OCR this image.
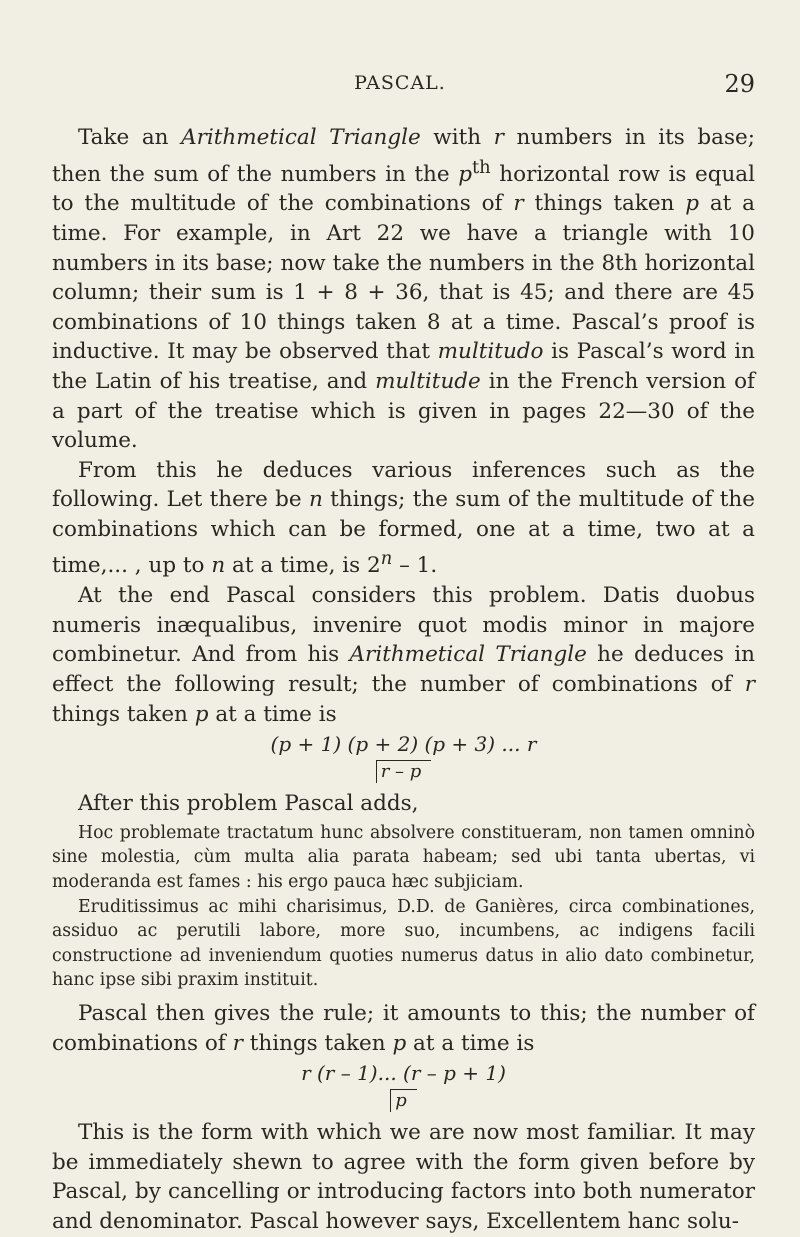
PASCAL.	29

Take an Arithmetical Triangle with r numbers in its base; then the sum of the numbers in the $p^{th}$ horizontal row is equal to the multitude of the combinations of r things taken p at a time. For example, in Art 22 we have a triangle with 10 numbers in its base; now take the numbers in the 8th horizontal column; their sum is 1 + 8 + 36, that is 45; and there are 45 combinations of 10 things taken 8 at a time. Pascal’s proof is inductive. It may be observed that multitudo is Pascal’s word in the Latin of his treatise, and multitude in the French version of a part of the treatise which is given in pages 22—30 of the volume.

From this he deduces various inferences such as the following. Let there be n things; the sum of the multitude of the combinations which can be formed, one at a time, two at a time,... , up to n at a time, is 2$^n$ – 1.

At the end Pascal considers this problem. Datis duobus numeris inæqualibus, invenire quot modis minor in majore combinetur. And from his Arithmetical Triangle he deduces in effect the following result; the number of combinations of r things taken p at a time is

(p + 1) (p + 2) (p + 3) ... r
r – p

After this problem Pascal adds,

Hoc problemate tractatum hunc absolvere constitueram, non tamen omninò sine molestia, cùm multa alia parata habeam; sed ubi tanta ubertas, vi moderanda est fames : his ergo pauca hæc subjiciam.

Eruditissimus ac mihi charisimus, D.D. de Ganières, circa combinationes, assiduo ac perutili labore, more suo, incumbens, ac indigens facili constructione ad inveniendum quoties numerus datus in alio dato combinetur, hanc ipse sibi praxim instituit.

Pascal then gives the rule; it amounts to this; the number of combinations of r things taken p at a time is

r (r – 1)... (r – p + 1)
p

This is the form with which we are now most familiar. It may be immediately shewn to agree with the form given before by Pascal, by cancelling or introducing factors into both numerator and denominator. Pascal however says, Excellentem hanc solu-
